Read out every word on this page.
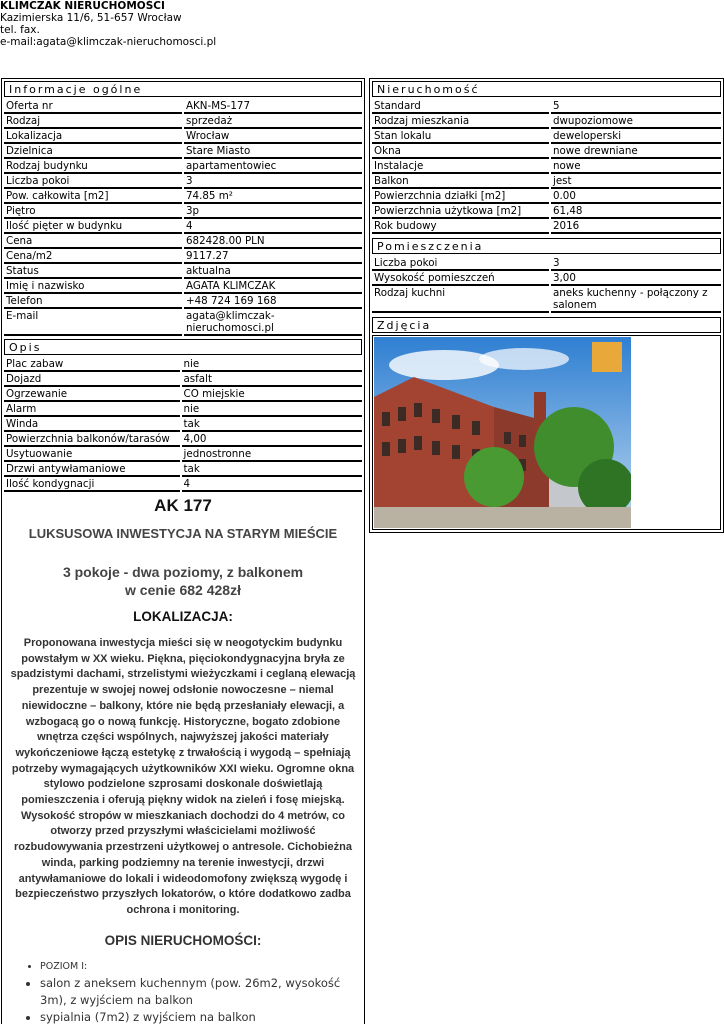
KLIMCZAK NIERUCHOMOŚCI
Kazimierska 11/6, 51-657 Wrocław
tel. fax.
e-mail:agata@klimczak-nieruchomosci.pl
Informacje ogólne
Oferta nr	AKN-MS-177
Rodzaj	sprzedaż
Lokalizacja	Wrocław
Dzielnica	Stare Miasto
Rodzaj budynku	apartamentowiec
Liczba pokoi	3
Pow. całkowita [m2]	74.85 m²
Piętro	3p
Ilość pięter w budynku	4
Cena	682428.00 PLN
Cena/m2	9117.27
Status	aktualna
Imię i nazwisko	AGATA KLIMCZAK
Telefon	+48 724 169 168
E-mail	agata@klimczak-nieruchomosci.pl
Opis
Plac zabaw	nie
Dojazd	asfalt
Ogrzewanie	CO miejskie
Alarm	nie
Winda	tak
Powierzchnia balkonów/tarasów	4,00
Usytuowanie	jednostronne
Drzwi antywłamaniowe	tak
Ilość kondygnacji	4
AK 177
LUKSUSOWA INWESTYCJA NA STARYM MIEŚCIE
3 pokoje - dwa poziomy, z balkonem
w cenie 682 428zł
LOKALIZACJA:
Proponowana inwestycja mieści się w neogotyckim budynku powstałym w XX wieku. Piękna, pięciokondygnacyjna bryła ze spadzistymi dachami, strzelistymi wieżyczkami i ceglaną elewacją prezentuje w swojej nowej odsłonie nowoczesne – niemal niewidoczne – balkony, które nie będą przesłaniały elewacji, a wzbogacą go o nową funkcję. Historyczne, bogato zdobione wnętrza części wspólnych, najwyższej jakości materiały wykończeniowe łączą estetykę z trwałością i wygodą – spełniają potrzeby wymagających użytkowników XXI wieku. Ogromne okna stylowo podzielone szprosami doskonale doświetlają pomieszczenia i oferują piękny widok na zieleń i fosę miejską. Wysokość stropów w mieszkaniach dochodzi do 4 metrów, co otworzy przed przyszłymi właścicielami możliwość rozbudowywania przestrzeni użytkowej o antresole. Cichobieżna winda, parking podziemny na terenie inwestycji, drzwi antywłamaniowe do lokali i wideodomofony zwiększą wygodę i bezpieczeństwo przyszłych lokatorów, o które dodatkowo zadba ochrona i monitoring.
OPIS NIERUCHOMOŚCI:
• POZIOM I:
• salon z aneksem kuchennym (pow. 26m2, wysokość 3m), z wyjściem na balkon
• sypialnia (7m2) z wyjściem na balkon
Nieruchomość
Standard	5
Rodzaj mieszkania	dwupoziomowe
Stan lokalu	deweloperski
Okna	nowe drewniane
Instalacje	nowe
Balkon	jest
Powierzchnia działki [m2]	0.00
Powierzchnia użytkowa [m2]	61,48
Rok budowy	2016
Pomieszczenia
Liczba pokoi	3
Wysokość pomieszczeń	3,00
Rodzaj kuchni	aneks kuchenny - połączony z salonem
Zdjęcia
